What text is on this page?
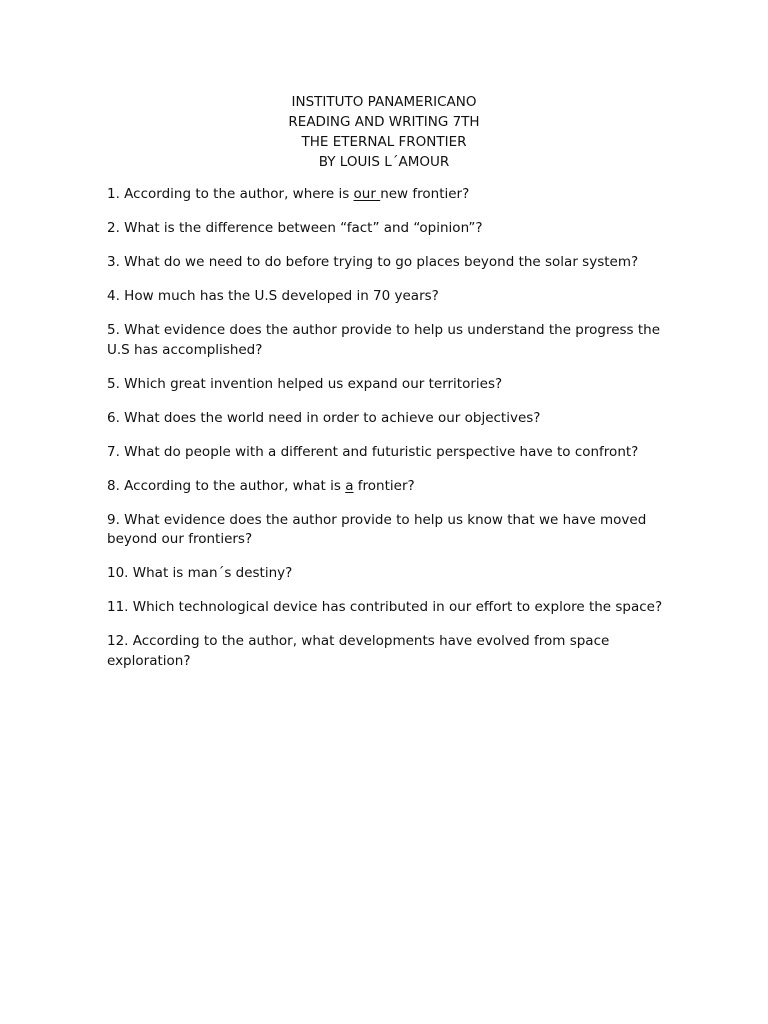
INSTITUTO PANAMERICANO
READING AND WRITING 7TH
THE ETERNAL FRONTIER
BY LOUIS L´AMOUR

1. According to the author, where is our new frontier?

2. What is the difference between “fact” and “opinion”?

3. What do we need to do before trying to go places beyond the solar system?

4. How much has the U.S developed in 70 years?

5. What evidence does the author provide to help us understand the progress the U.S has accomplished?

5. Which great invention helped us expand our territories?

6. What does the world need in order to achieve our objectives?

7. What do people with a different and futuristic perspective have to confront?

8. According to the author, what is a frontier?

9. What evidence does the author provide to help us know that we have moved beyond our frontiers?

10. What is man´s destiny?

11. Which technological device has contributed in our effort to explore the space?

12. According to the author, what developments have evolved from space exploration?
